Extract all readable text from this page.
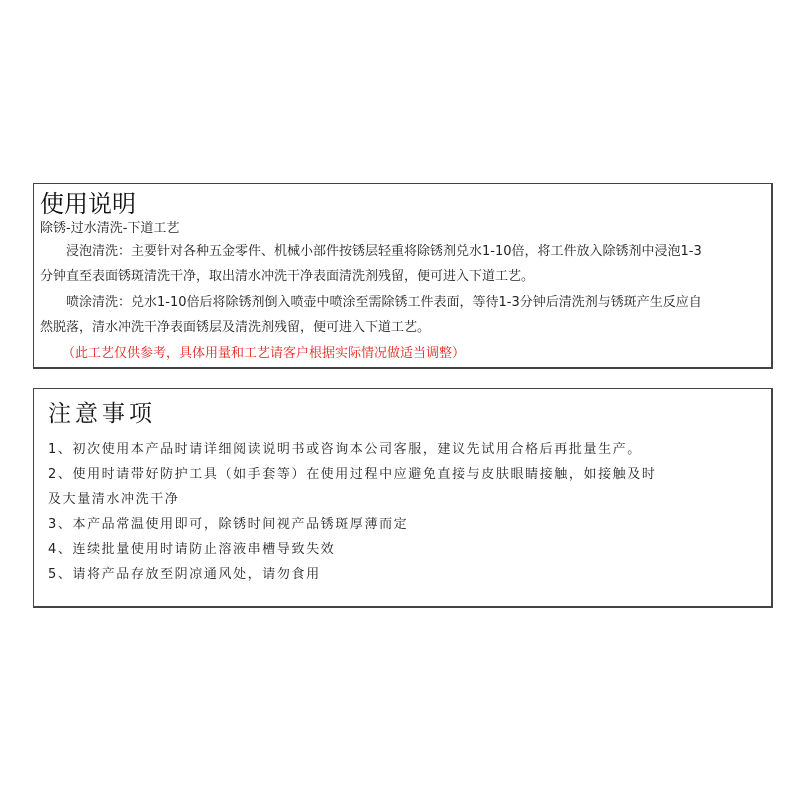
使用说明
除锈-过水清洗-下道工艺
浸泡清洗：主要针对各种五金零件、机械小部件按锈层轻重将除锈剂兑水1-10倍，将工件放入除锈剂中浸泡1-3
分钟直至表面锈斑清洗干净，取出清水冲洗干净表面清洗剂残留，便可进入下道工艺。
喷涂清洗：兑水1-10倍后将除锈剂倒入喷壶中喷涂至需除锈工件表面，等待1-3分钟后清洗剂与锈斑产生反应自
然脱落，清水冲洗干净表面锈层及清洗剂残留，便可进入下道工艺。
（此工艺仅供参考，具体用量和工艺请客户根据实际情况做适当调整）
注意事项
1、初次使用本产品时请详细阅读说明书或咨询本公司客服，建议先试用合格后再批量生产。
2、使用时请带好防护工具（如手套等）在使用过程中应避免直接与皮肤眼睛接触，如接触及时
及大量清水冲洗干净
3、本产品常温使用即可，除锈时间视产品锈斑厚薄而定
4、连续批量使用时请防止溶液串槽导致失效
5、请将产品存放至阴凉通风处，请勿食用
